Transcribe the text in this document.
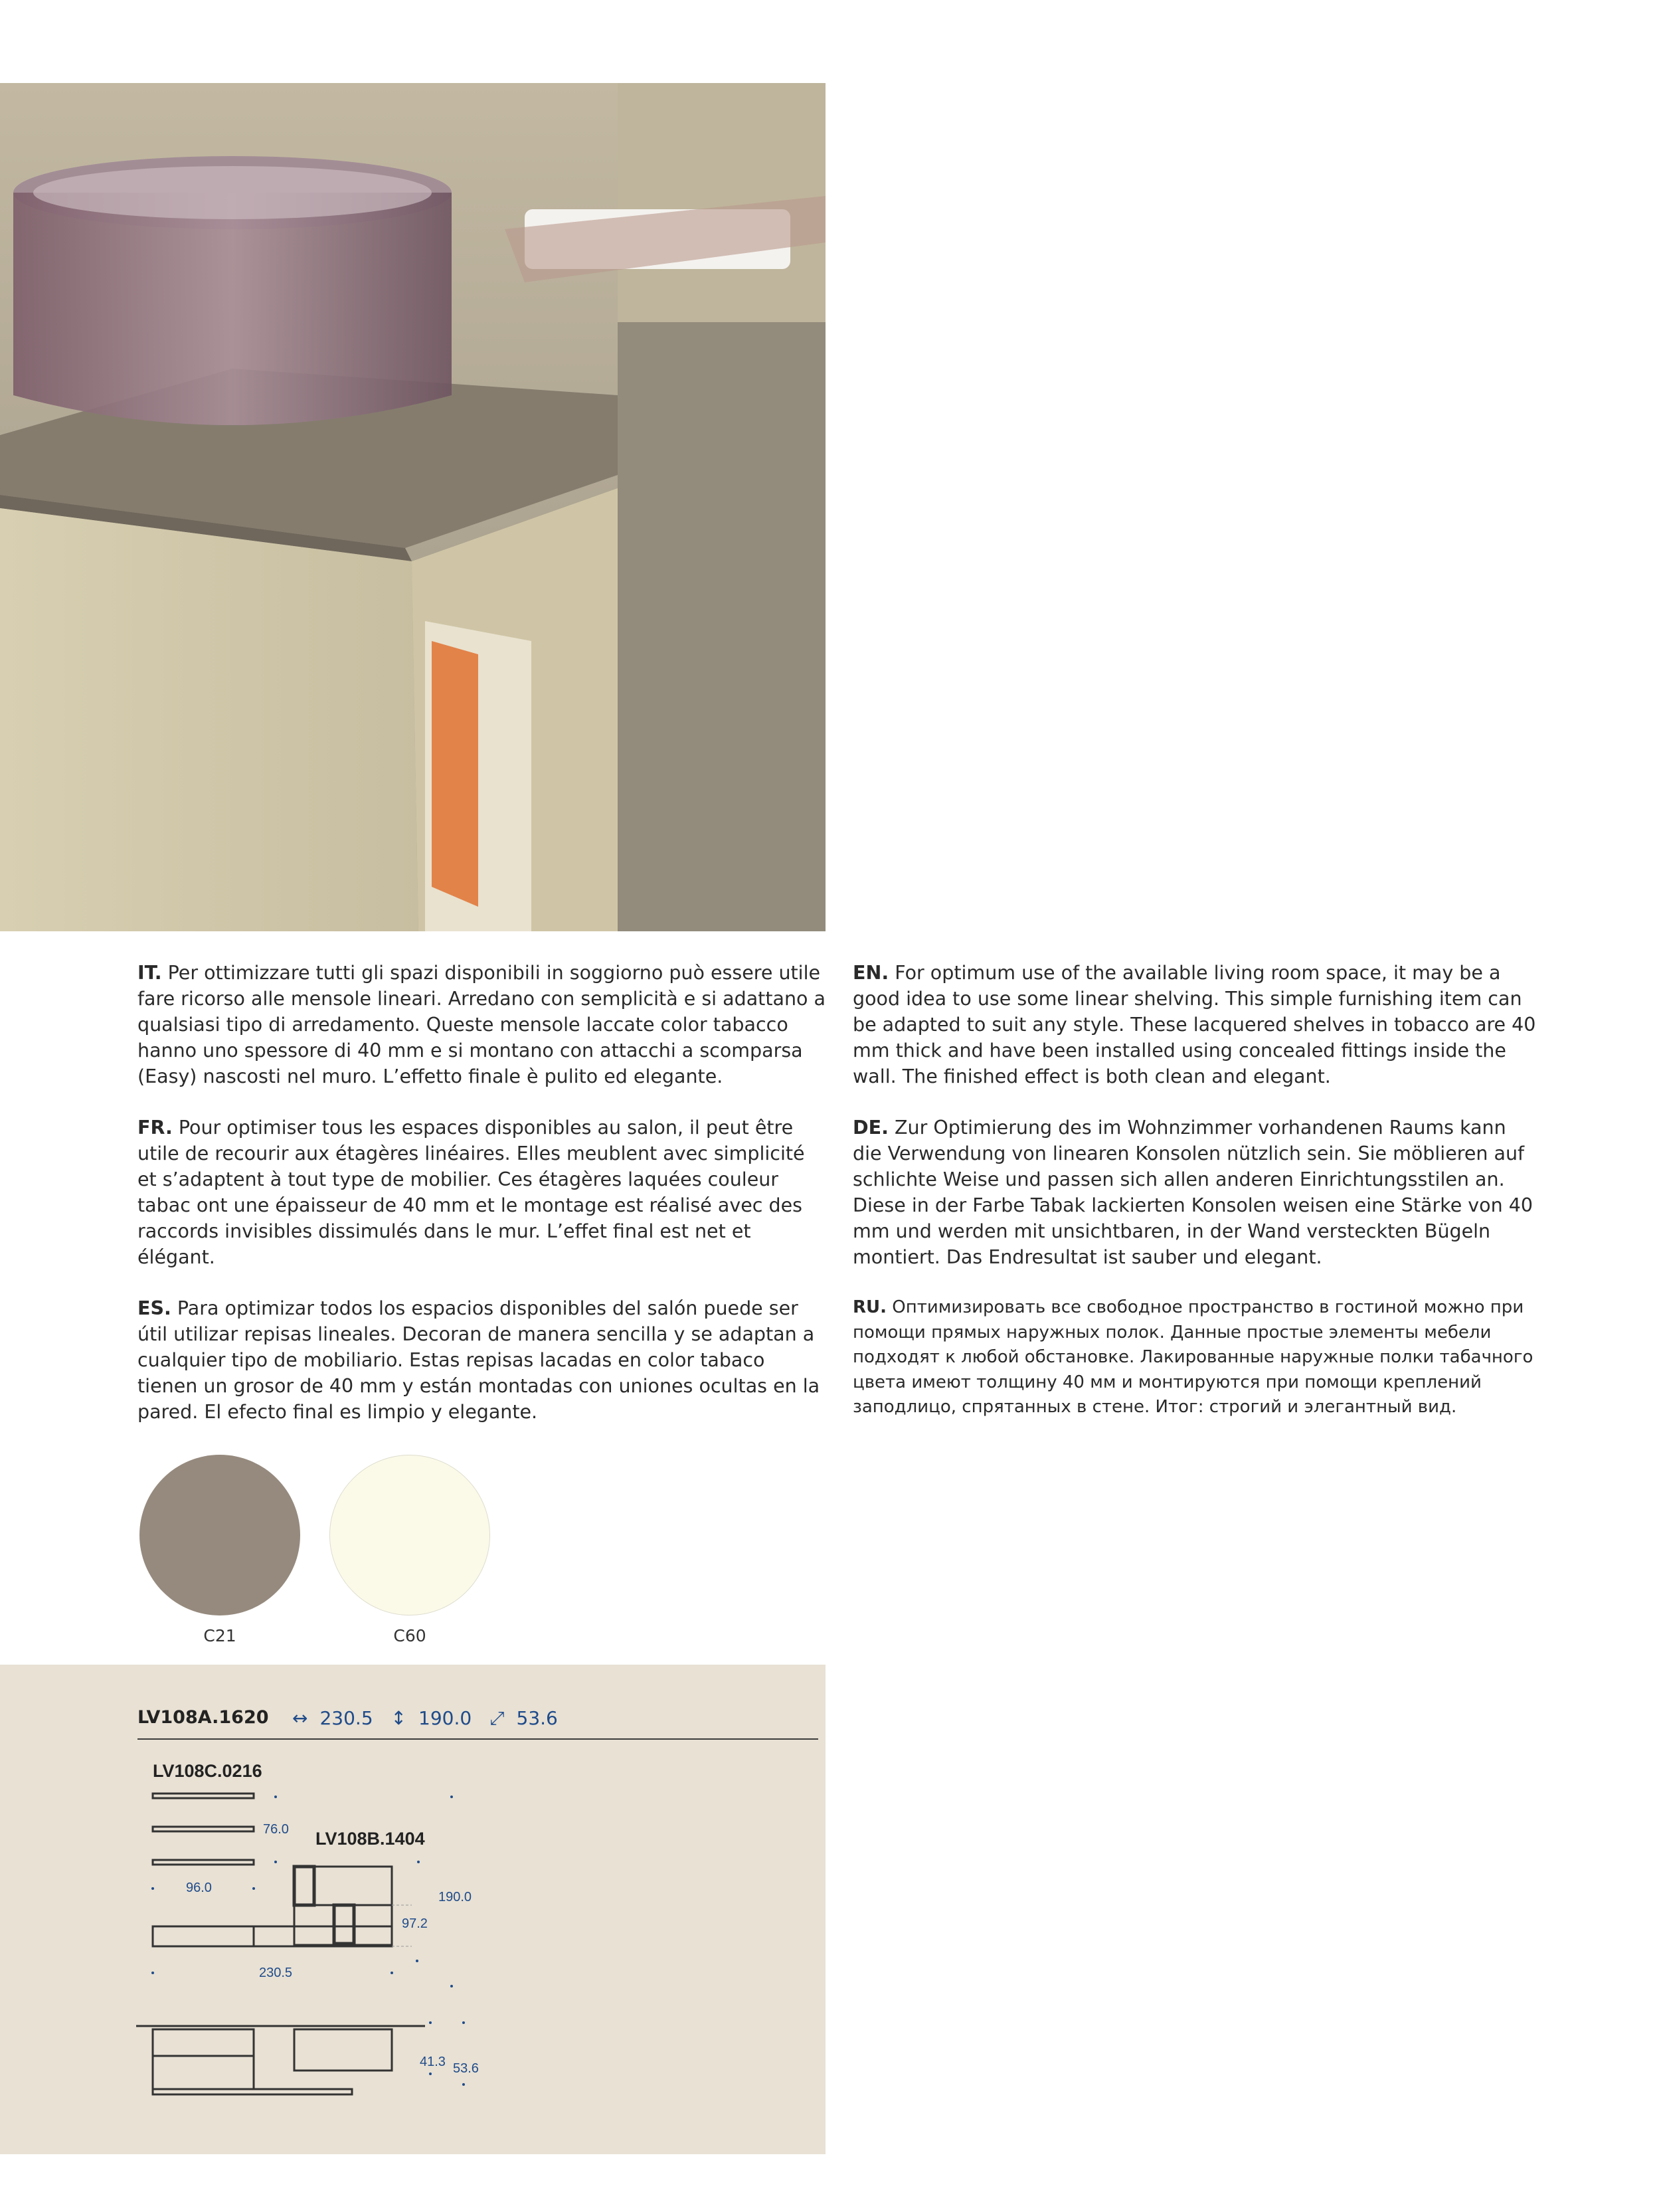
IT. Per ottimizzare tutti gli spazi disponibili in soggiorno può essere utile fare ricorso alle mensole lineari. Arredano con semplicità e si adattano a qualsiasi tipo di arredamento. Queste mensole laccate color tabacco hanno uno spessore di 40 mm e si montano con attacchi a scomparsa (Easy) nascosti nel muro. L’effetto finale è pulito ed elegante.

FR. Pour optimiser tous les espaces disponibles au salon, il peut être utile de recourir aux étagères linéaires. Elles meublent avec simplicité et s’adaptent à tout type de mobilier. Ces étagères laquées couleur tabac ont une épaisseur de 40 mm et le montage est réalisé avec des raccords invisibles dissimulés dans le mur. L’effet final est net et élégant.

ES. Para optimizar todos los espacios disponibles del salón puede ser útil utilizar repisas lineales. Decoran de manera sencilla y se adaptan a cualquier tipo de mobiliario. Estas repisas lacadas en color tabaco tienen un grosor de 40 mm y están montadas con uniones ocultas en la pared. El efecto final es limpio y elegante.

EN. For optimum use of the available living room space, it may be a good idea to use some linear shelving. This simple furnishing item can be adapted to suit any style. These lacquered shelves in tobacco are 40 mm thick and have been installed using concealed fittings inside the wall. The finished effect is both clean and elegant.

DE. Zur Optimierung des im Wohnzimmer vorhandenen Raums kann die Verwendung von linearen Konsolen nützlich sein. Sie möblieren auf schlichte Weise und passen sich allen anderen Einrichtungsstilen an. Diese in der Farbe Tabak lackierten Konsolen weisen eine Stärke von 40 mm und werden mit unsichtbaren, in der Wand versteckten Bügeln montiert. Das Endresultat ist sauber und elegant.

RU. Оптимизировать все свободное пространство в гостиной можно при помощи прямых наружных полок. Данные простые элементы мебели подходят к любой обстановке. Лакированные наружные полки табачного цвета имеют толщину 40 мм и монтируются при помощи креплений заподлицо, спрятанных в стене. Итог: строгий и элегантный вид.

C21	C60
LV108A.1620 ↔ 230.5 ↕ 190.0 ⤢ 53.6
LV108C.0216
LV108B.1404
76.0
96.0
97.2
190.0
230.5
41.3 53.6
